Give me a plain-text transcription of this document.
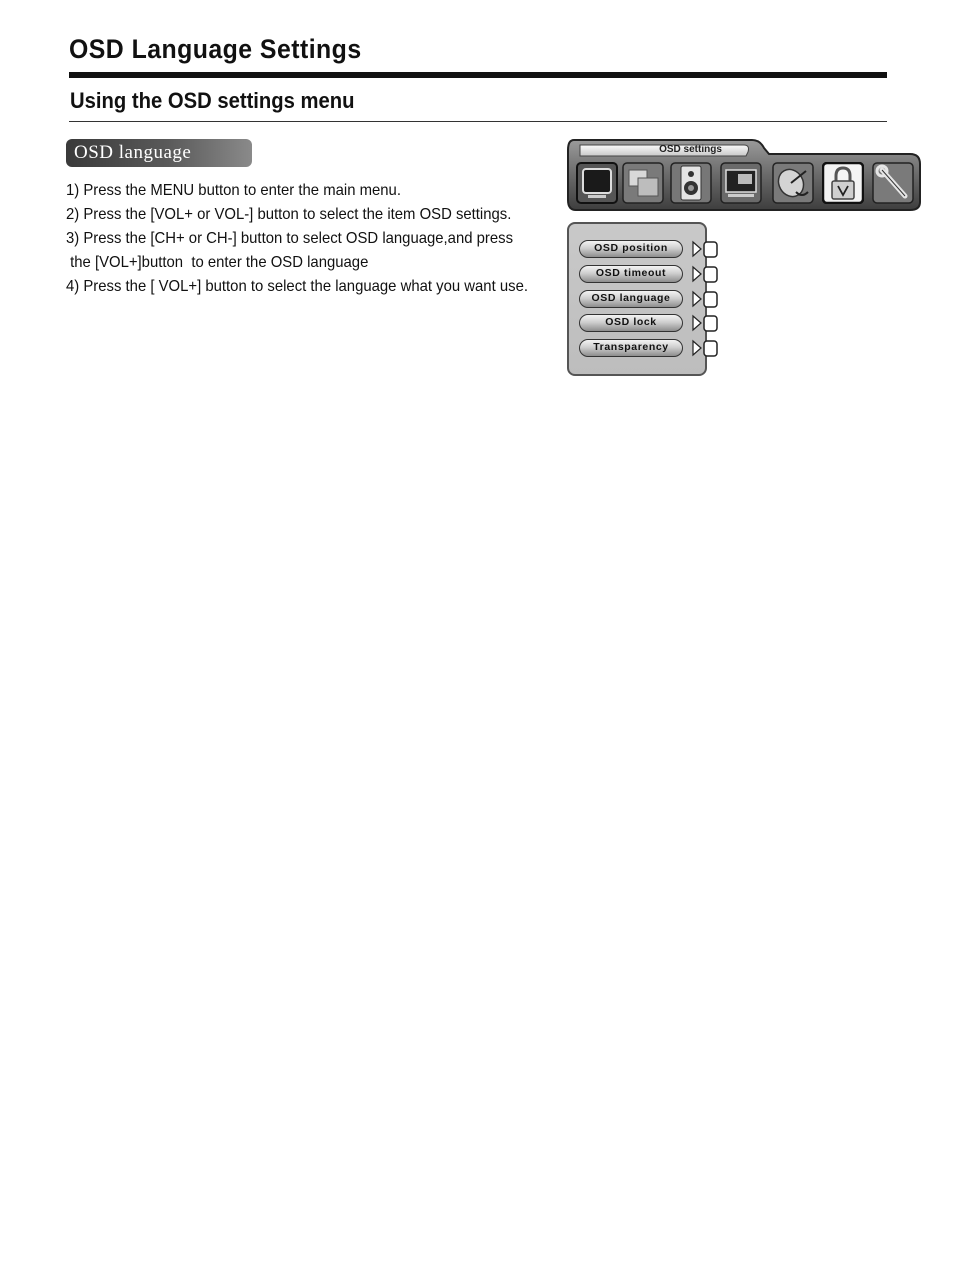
OSD Language Settings
Using the OSD settings menu
OSD language
1) Press the MENU button to enter the main menu.
2) Press the [VOL+ or VOL-] button to select the item OSD settings.
3) Press the [CH+ or CH-] button to select OSD language,and press
the [VOL+]button  to enter the OSD language
4) Press the [ VOL+] button to select the language what you want use.
OSD settings
OSD position
OSD timeout
OSD language
OSD lock
Transparency
